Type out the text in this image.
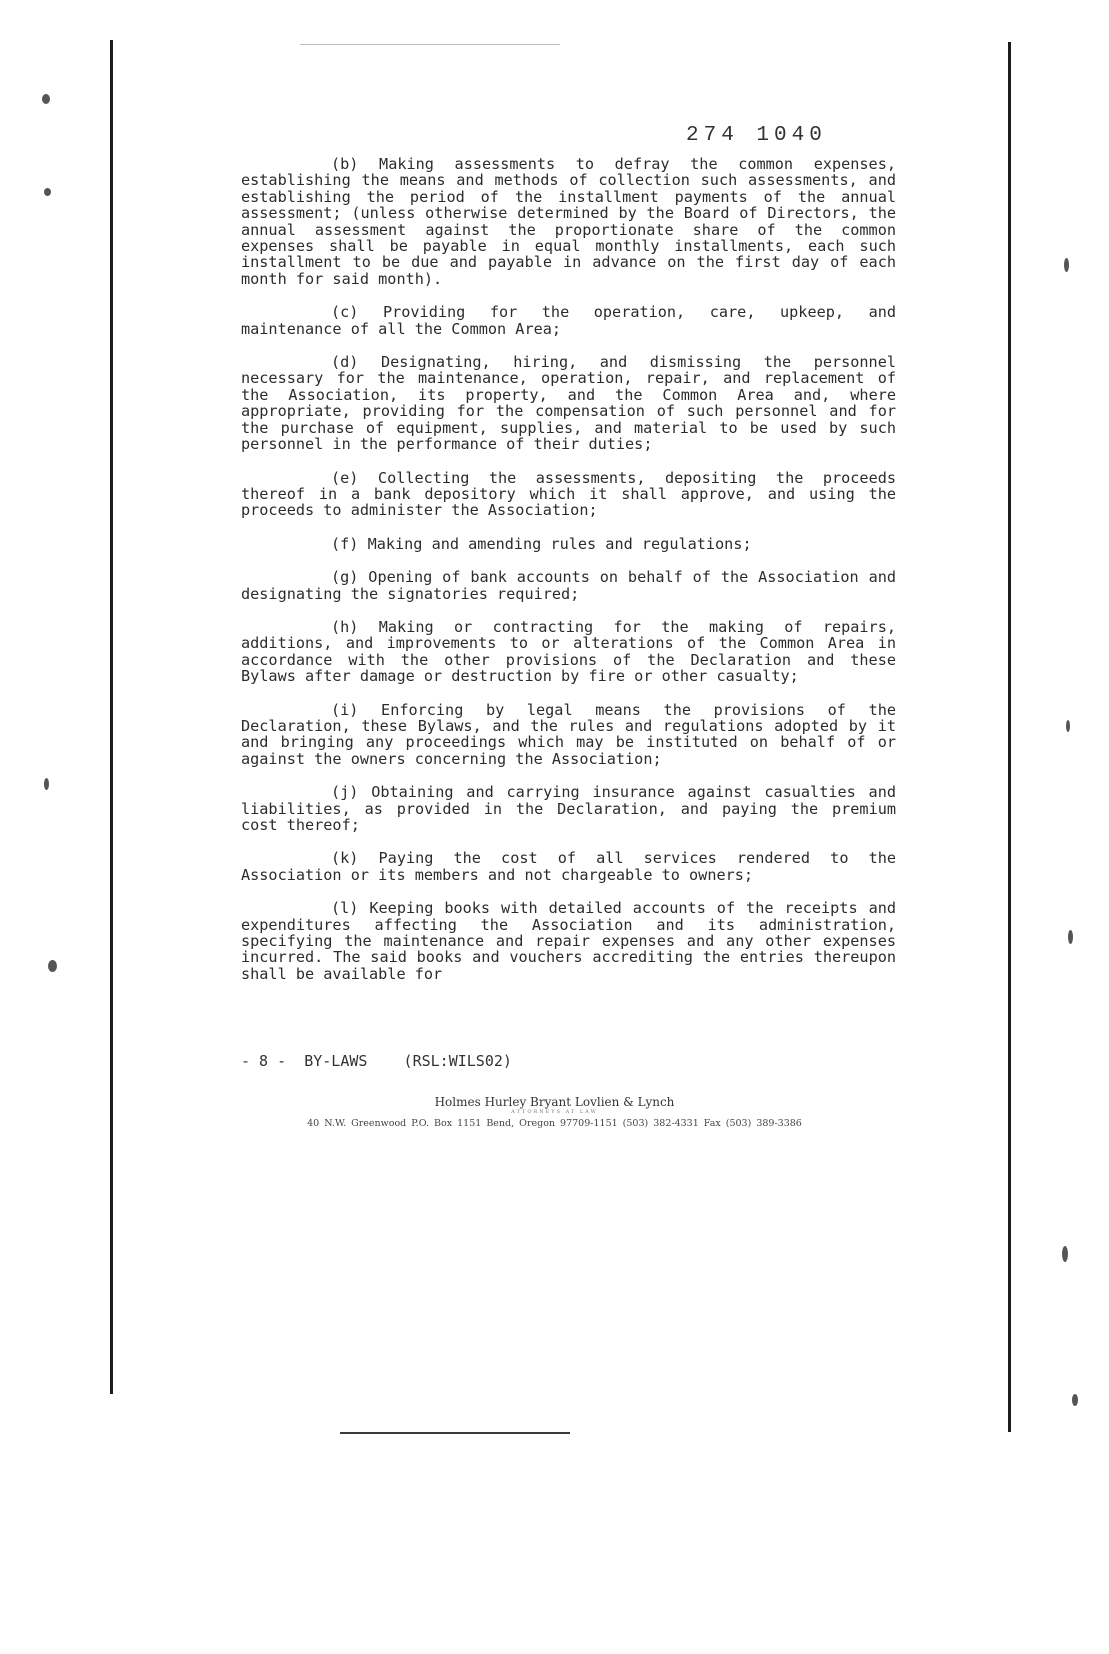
274 1040

(b) Making assessments to defray the common expenses, establishing the means and methods of collection such assessments, and establishing the period of the installment payments of the annual assessment; (unless otherwise determined by the Board of Directors, the annual assessment against the proportionate share of the common expenses shall be payable in equal monthly installments, each such installment to be due and payable in advance on the first day of each month for said month).

(c) Providing for the operation, care, upkeep, and maintenance of all the Common Area;

(d) Designating, hiring, and dismissing the personnel necessary for the maintenance, operation, repair, and replacement of the Association, its property, and the Common Area and, where appropriate, providing for the compensation of such personnel and for the purchase of equipment, supplies, and material to be used by such personnel in the performance of their duties;

(e) Collecting the assessments, depositing the proceeds thereof in a bank depository which it shall approve, and using the proceeds to administer the Association;

(f) Making and amending rules and regulations;

(g) Opening of bank accounts on behalf of the Association and designating the signatories required;

(h) Making or contracting for the making of repairs, additions, and improvements to or alterations of the Common Area in accordance with the other provisions of the Declaration and these Bylaws after damage or destruction by fire or other casualty;

(i) Enforcing by legal means the provisions of the Declaration, these Bylaws, and the rules and regulations adopted by it and bringing any proceedings which may be instituted on behalf of or against the owners concerning the Association;

(j) Obtaining and carrying insurance against casualties and liabilities, as provided in the Declaration, and paying the premium cost thereof;

(k) Paying the cost of all services rendered to the Association or its members and not chargeable to owners;

(l) Keeping books with detailed accounts of the receipts and expenditures affecting the Association and its administration, specifying the maintenance and repair expenses and any other expenses incurred. The said books and vouchers accrediting the entries thereupon shall be available for

- 8 -  BY-LAWS    (RSL:WILS02)
Holmes Hurley Bryant Lovlien & Lynch
ATTORNEYS AT LAW
40 N.W. Greenwood P.O. Box 1151 Bend, Oregon 97709-1151 (503) 382-4331 Fax (503) 389-3386
